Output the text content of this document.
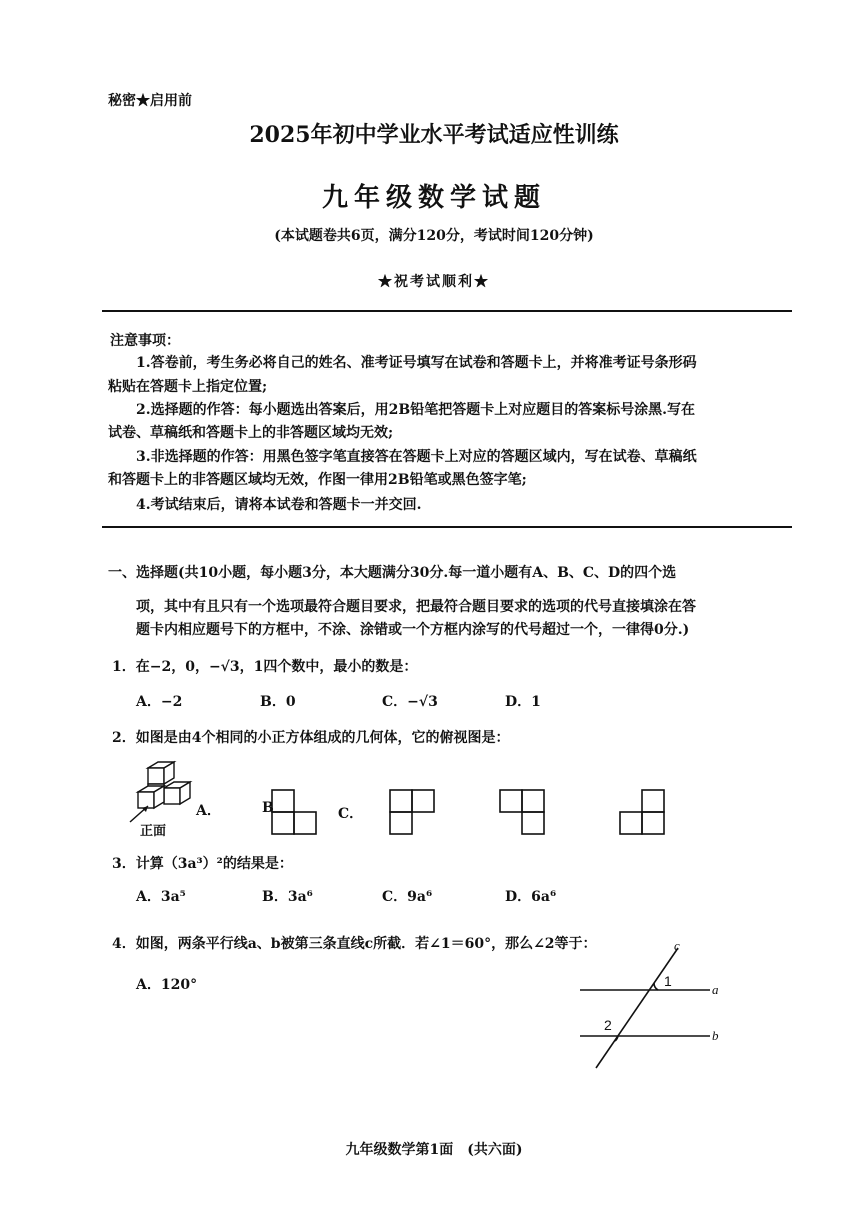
秘密★启用前
2025年初中学业水平考试适应性训练
九年级数学试题
(本试题卷共6页，满分120分，考试时间120分钟)
★祝考试顺利★
注意事项：
1.答卷前，考生务必将自己的姓名、准考证号填写在试卷和答题卡上，并将准考证号条形码
粘贴在答题卡上指定位置;
2.选择题的作答：每小题选出答案后，用2B铅笔把答题卡上对应题目的答案标号涂黑.写在
试卷、草稿纸和答题卡上的非答题区域均无效;
3.非选择题的作答：用黑色签字笔直接答在答题卡上对应的答题区域内，写在试卷、草稿纸
和答题卡上的非答题区域均无效，作图一律用2B铅笔或黑色签字笔;
4.考试结束后，请将本试卷和答题卡一并交回.
一、选择题(共10小题，每小题3分，本大题满分30分.每一道小题有A、B、C、D的四个选
项，其中有且只有一个选项最符合题目要求，把最符合题目要求的选项的代号直接填涂在答
题卡内相应题号下的方框中，不涂、涂错或一个方框内涂写的代号超过一个，一律得0分.)
1．在−2，0，−√3，1四个数中，最小的数是：
A．−2	B．0	C．−√3	D．1
2．如图是由4个相同的小正方体组成的几何体，它的俯视图是：
正面
A．	B	C．
3．计算（3a³）²的结果是：
A．3a⁵	B．3a⁶	C．9a⁶	D．6a⁶
4．如图，两条平行线a、b被第三条直线c所截．若∠1＝60°，那么∠2等于：
A．120°
c
a
b
1
2
九年级数学第1面　(共六面)
